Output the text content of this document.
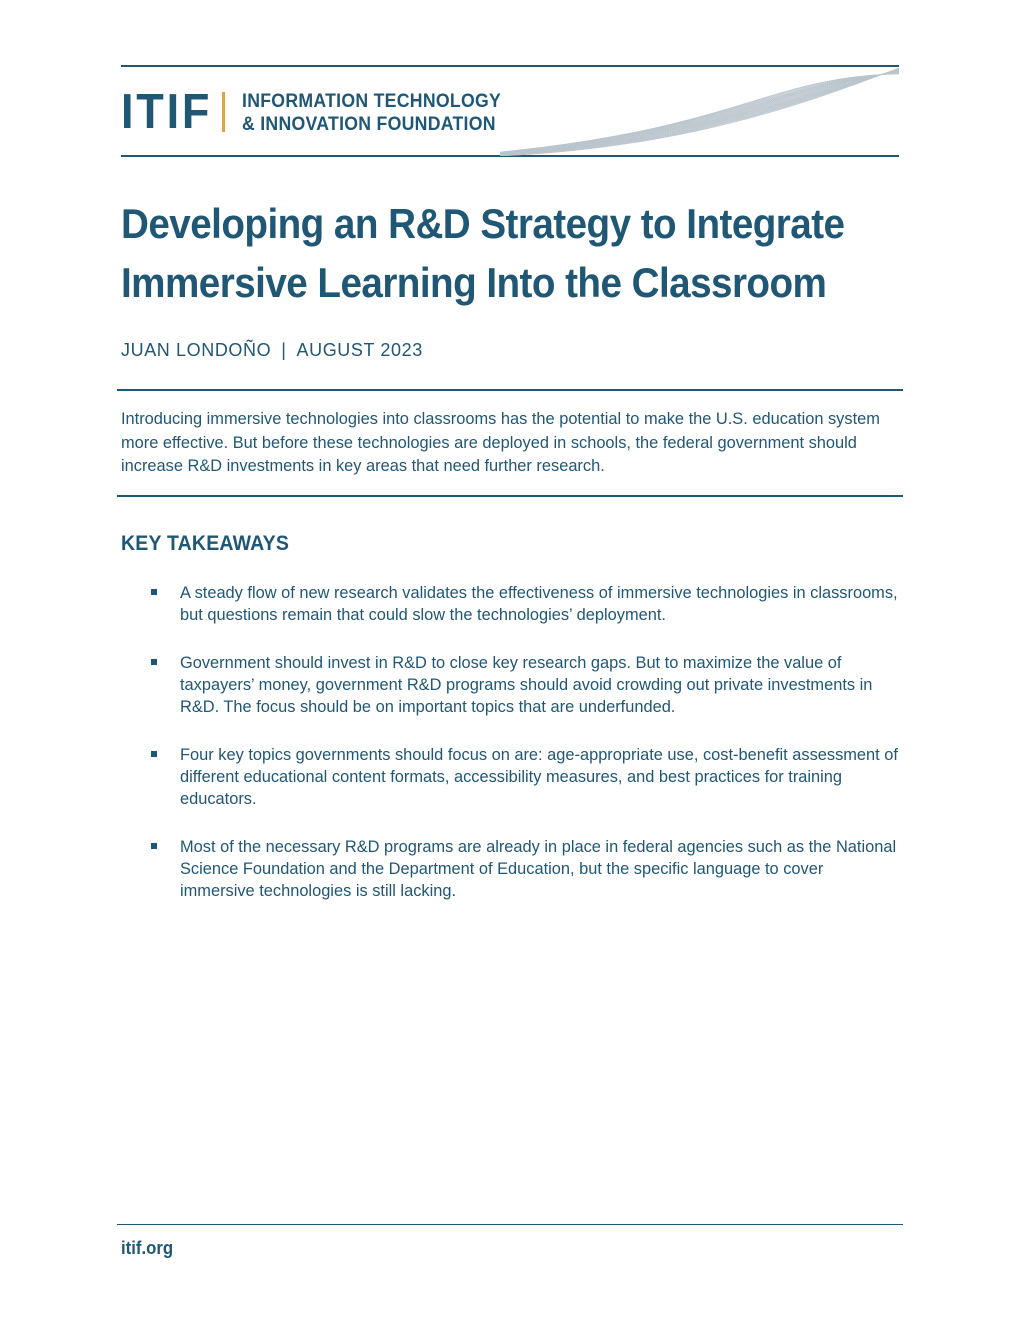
ITIF INFORMATION TECHNOLOGY
& INNOVATION FOUNDATION
Developing an R&D Strategy to Integrate
Immersive Learning Into the Classroom
JUAN LONDOÑO | AUGUST 2023

Introducing immersive technologies into classrooms has the potential to make the U.S. education system more effective. But before these technologies are deployed in schools, the federal government should increase R&D investments in key areas that need further research.

KEY TAKEAWAYS
A steady flow of new research validates the effectiveness of immersive technologies in classrooms, but questions remain that could slow the technologies’ deployment.
Government should invest in R&D to close key research gaps. But to maximize the value of taxpayers’ money, government R&D programs should avoid crowding out private investments in R&D. The focus should be on important topics that are underfunded.
Four key topics governments should focus on are: age-appropriate use, cost-benefit assessment of different educational content formats, accessibility measures, and best practices for training educators.
Most of the necessary R&D programs are already in place in federal agencies such as the National Science Foundation and the Department of Education, but the specific language to cover immersive technologies is still lacking.
itif.org
